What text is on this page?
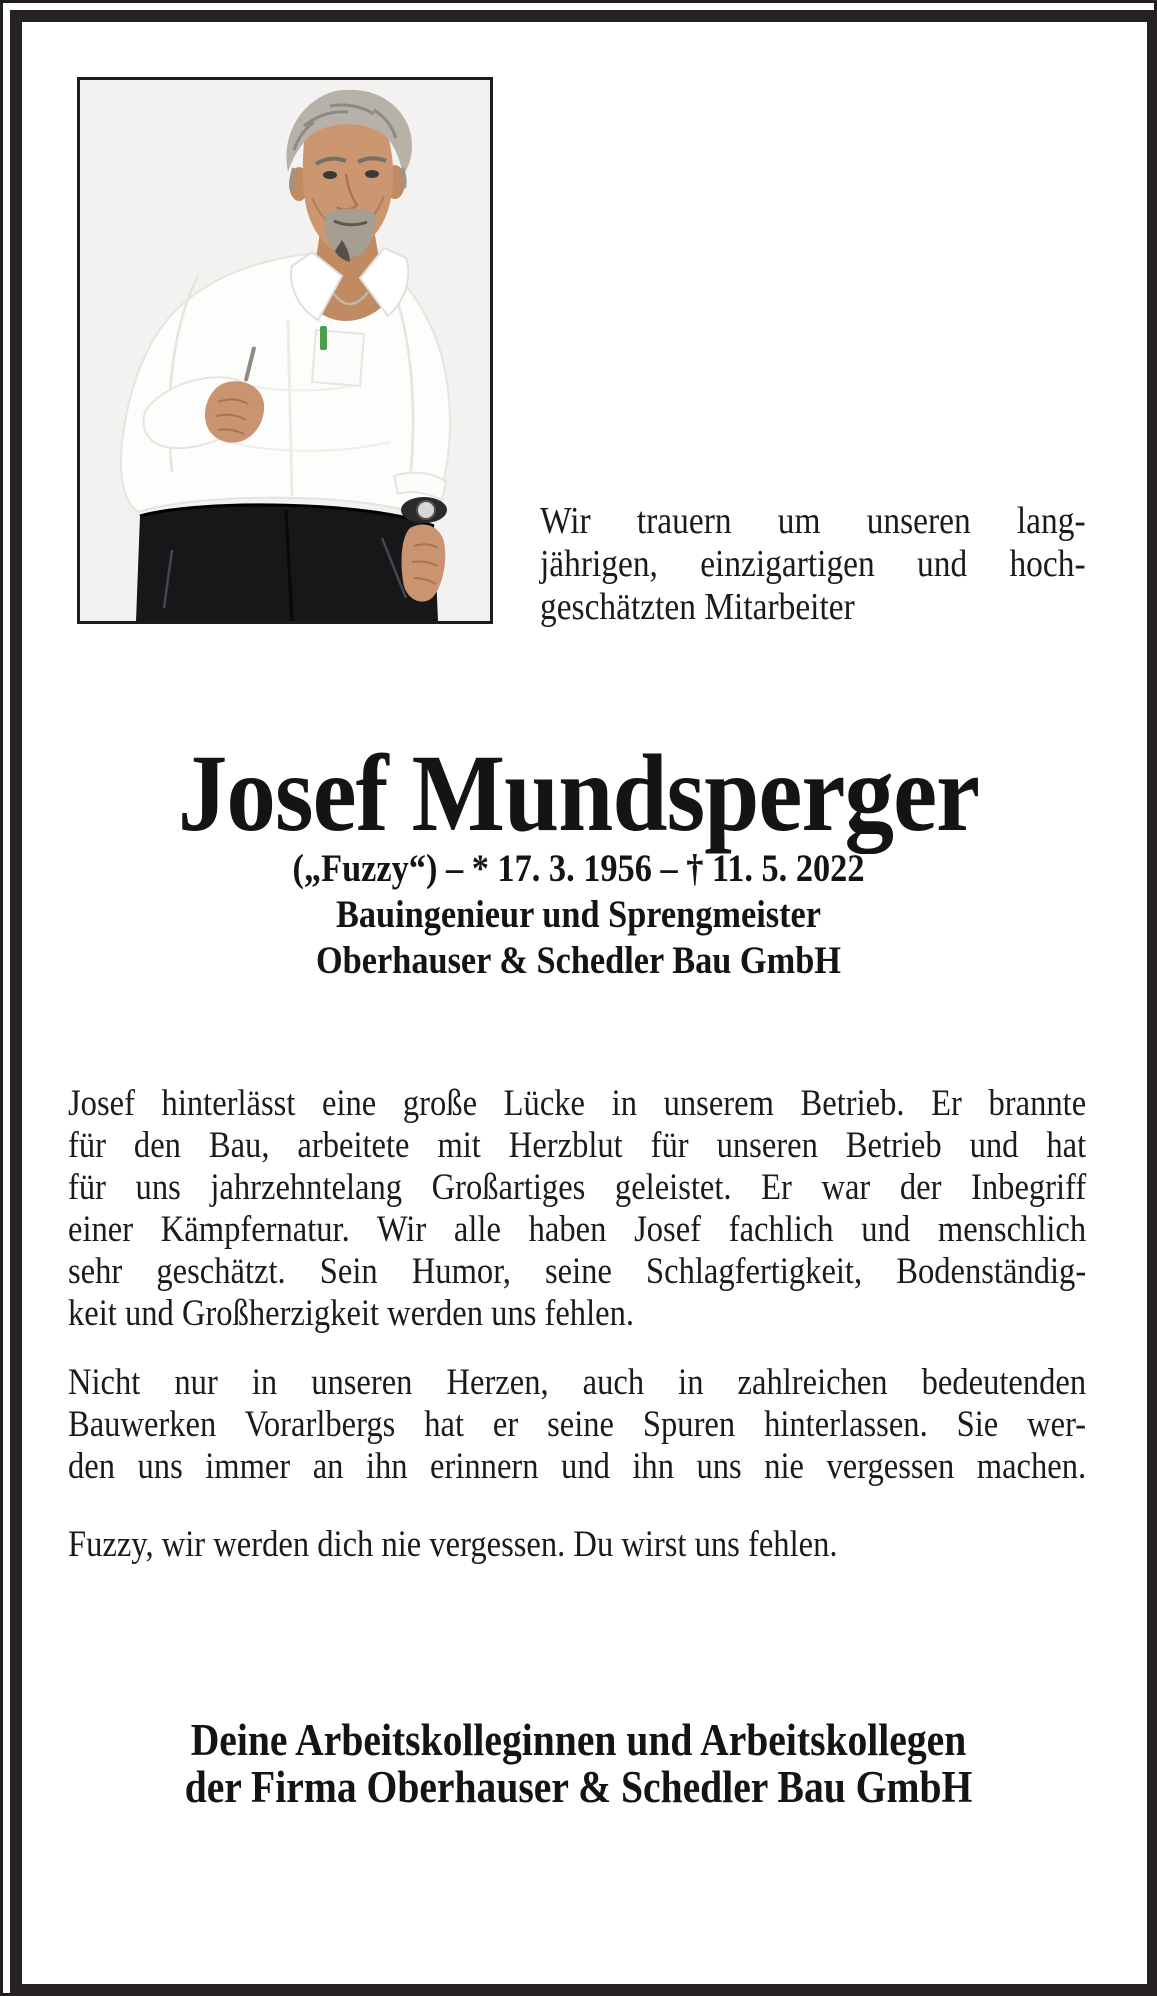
Wir trauern um unseren lang-
jährigen, einzigartigen und hoch-
geschätzten Mitarbeiter
Josef Mundsperger
(„Fuzzy“) – * 17. 3. 1956 – † 11. 5. 2022
Bauingenieur und Sprengmeister
Oberhauser & Schedler Bau GmbH
Josef hinterlässt eine große Lücke in unserem Betrieb. Er brannte
für den Bau, arbeitete mit Herzblut für unseren Betrieb und hat
für uns jahrzehntelang Großartiges geleistet. Er war der Inbegriff
einer Kämpfernatur. Wir alle haben Josef fachlich und menschlich
sehr geschätzt. Sein Humor, seine Schlagfertigkeit, Bodenständig-
keit und Großherzigkeit werden uns fehlen.
Nicht nur in unseren Herzen, auch in zahlreichen bedeutenden
Bauwerken Vorarlbergs hat er seine Spuren hinterlassen. Sie wer-
den uns immer an ihn erinnern und ihn uns nie vergessen machen.
Fuzzy, wir werden dich nie vergessen. Du wirst uns fehlen.
Deine Arbeitskolleginnen und Arbeitskollegen
der Firma Oberhauser & Schedler Bau GmbH
